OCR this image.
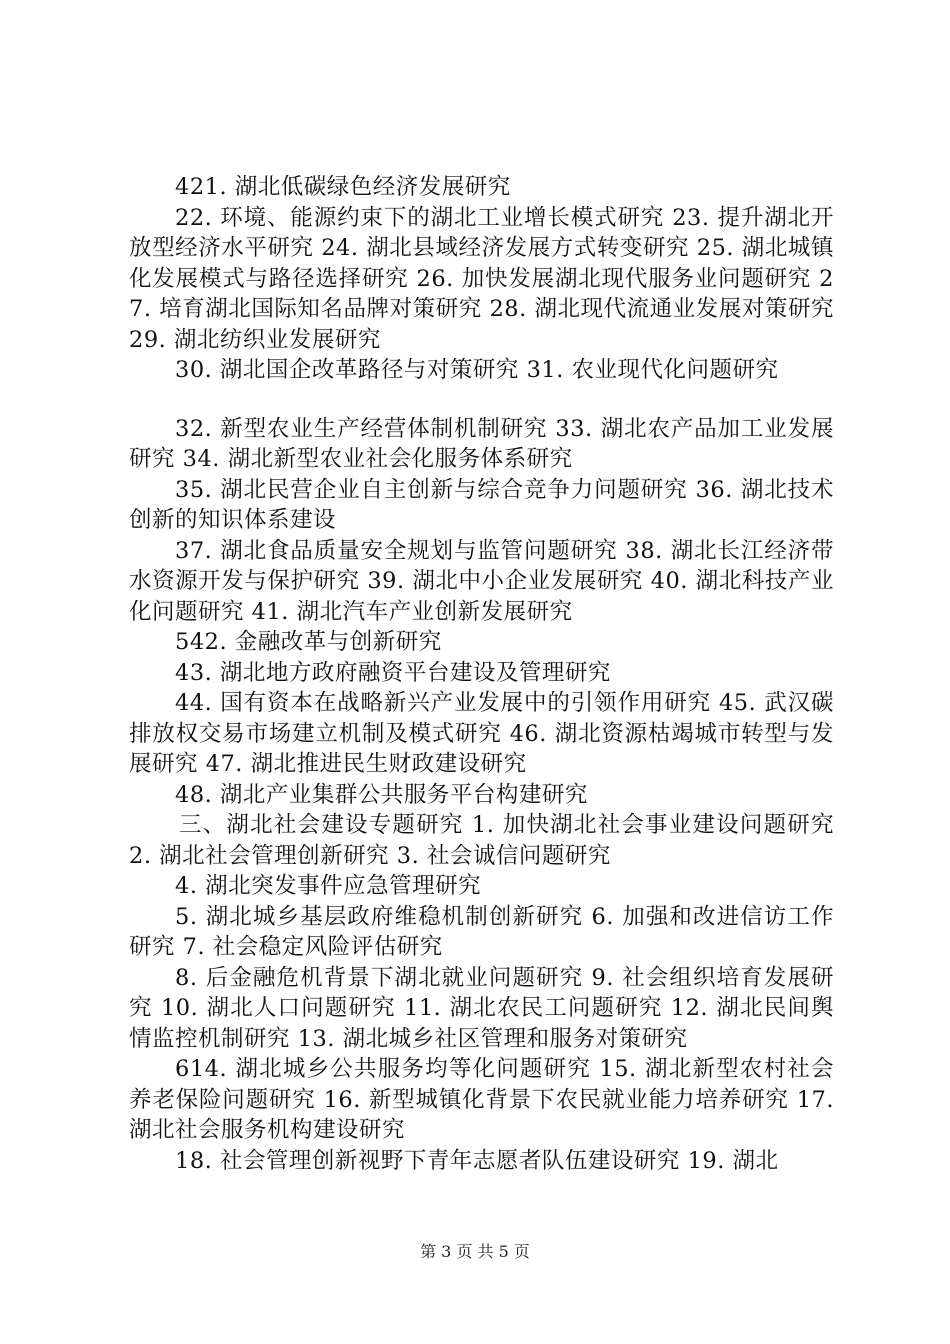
421. 湖北低碳绿色经济发展研究

22. 环境、能源约束下的湖北工业增长模式研究 23. 提升湖北开放型经济水平研究 24. 湖北县域经济发展方式转变研究 25. 湖北城镇化发展模式与路径选择研究 26. 加快发展湖北现代服务业问题研究 27. 培育湖北国际知名品牌对策研究 28. 湖北现代流通业发展对策研究 29. 湖北纺织业发展研究

30. 湖北国企改革路径与对策研究 31. 农业现代化问题研究

32. 新型农业生产经营体制机制研究 33. 湖北农产品加工业发展研究 34. 湖北新型农业社会化服务体系研究

35. 湖北民营企业自主创新与综合竞争力问题研究 36. 湖北技术创新的知识体系建设

37. 湖北食品质量安全规划与监管问题研究 38. 湖北长江经济带水资源开发与保护研究 39. 湖北中小企业发展研究 40. 湖北科技产业化问题研究 41. 湖北汽车产业创新发展研究

542. 金融改革与创新研究

43. 湖北地方政府融资平台建设及管理研究

44. 国有资本在战略新兴产业发展中的引领作用研究 45. 武汉碳排放权交易市场建立机制及模式研究 46. 湖北资源枯竭城市转型与发展研究 47. 湖北推进民生财政建设研究

48. 湖北产业集群公共服务平台构建研究

三、湖北社会建设专题研究 1. 加快湖北社会事业建设问题研究 2. 湖北社会管理创新研究 3. 社会诚信问题研究

4. 湖北突发事件应急管理研究

5. 湖北城乡基层政府维稳机制创新研究 6. 加强和改进信访工作研究 7. 社会稳定风险评估研究

8. 后金融危机背景下湖北就业问题研究 9. 社会组织培育发展研究 10. 湖北人口问题研究 11. 湖北农民工问题研究 12. 湖北民间舆情监控机制研究 13. 湖北城乡社区管理和服务对策研究

614. 湖北城乡公共服务均等化问题研究 15. 湖北新型农村社会养老保险问题研究 16. 新型城镇化背景下农民就业能力培养研究 17. 湖北社会服务机构建设研究

18. 社会管理创新视野下青年志愿者队伍建设研究 19. 湖北

第 3 页 共 5 页
